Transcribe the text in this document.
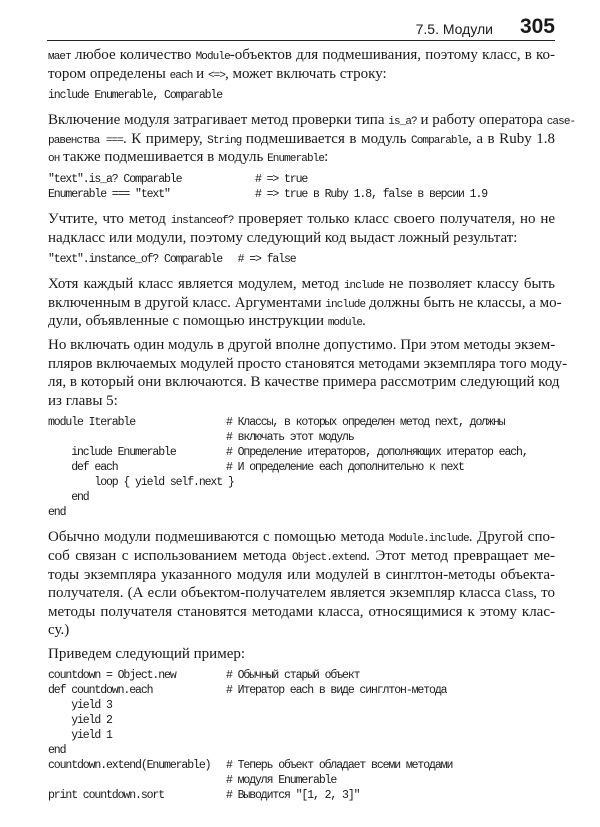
7.5. Модули 305
мает любое количество Module-объектов для подмешивания, поэтому класс, в ко-
тором определены each и <=>, может включать строку:
include Enumerable, Comparable
Включение модуля затрагивает метод проверки типа is_a? и работу оператора case-
равенства ===. К примеру, String подмешивается в модуль Comparable, а в Ruby 1.8
он также подмешивается в модуль Enumerable:
"text".is_a? Comparable	# => true
Enumerable === "text"	# => true в Ruby 1.8, false в версии 1.9
Учтите, что метод instanceof? проверяет только класс своего получателя, но не
надкласс или модули, поэтому следующий код выдаст ложный результат:
"text".instance_of? Comparable  # => false
Хотя каждый класс является модулем, метод include не позволяет классу быть
включенным в другой класс. Аргументами include должны быть не классы, а мо-
дули, объявленные с помощью инструкции module.
Но включать один модуль в другой вполне допустимо. При этом методы экзем-
пляров включаемых модулей просто становятся методами экземпляра того моду-
ля, в который они включаются. В качестве примера рассмотрим следующий код
из главы 5:
module Iterable	# Классы, в которых определен метод next, должны
# включать этот модуль
include Enumerable	# Определение итераторов, дополняющих итератор each,
def each	# И определение each дополнительно к next
loop { yield self.next }
end
end
Обычно модули подмешиваются с помощью метода Module.include. Другой спо-
соб связан с использованием метода Object.extend. Этот метод превращает ме-
тоды экземпляра указанного модуля или модулей в синглтон-методы объекта-
получателя. (А если объектом-получателем является экземпляр класса Class, то
методы получателя становятся методами класса, относящимися к этому клас-
су.)
Приведем следующий пример:
countdown = Object.new	# Обычный старый объект
def countdown.each	# Итератор each в виде синглтон-метода
yield 3
yield 2
yield 1
end
countdown.extend(Enumerable) # Теперь объект обладает всеми методами
# модуля Enumerable
print countdown.sort	# Выводится "[1, 2, 3]"
